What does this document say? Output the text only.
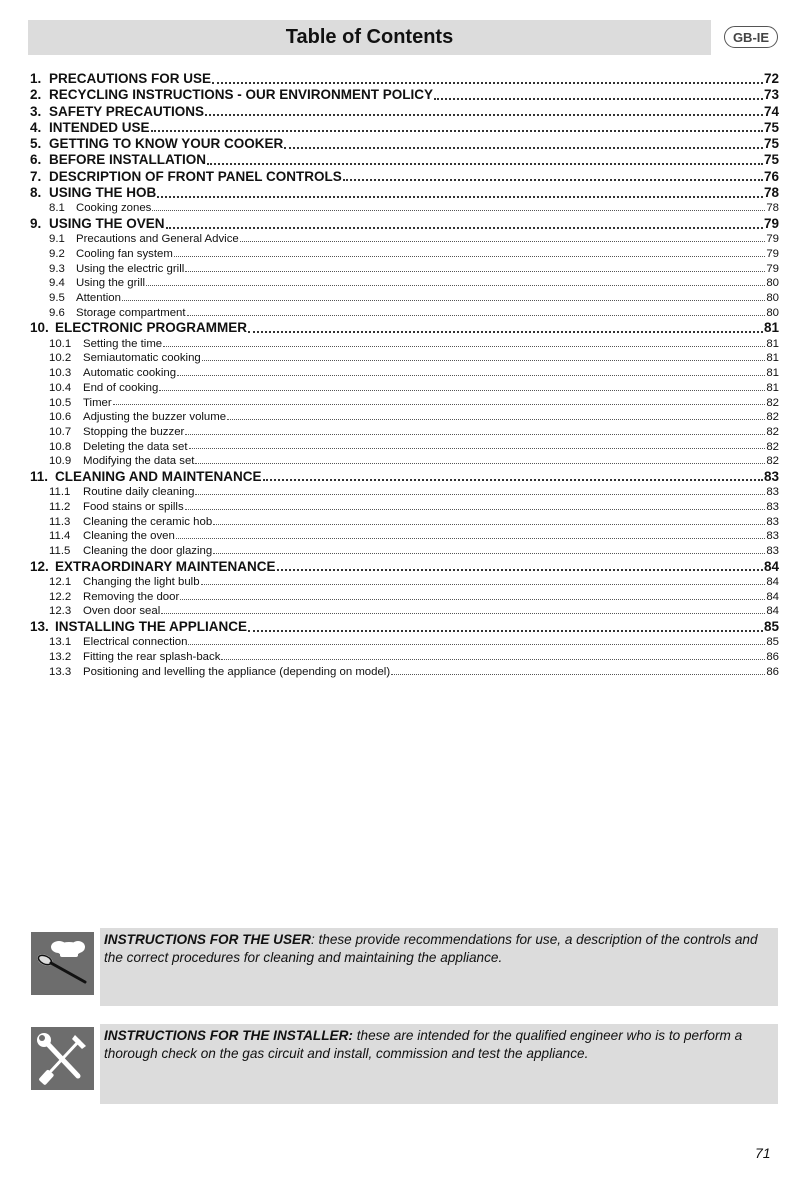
Table of Contents	GB-IE
1. PRECAUTIONS FOR USE	72
2. RECYCLING INSTRUCTIONS - OUR ENVIRONMENT POLICY	73
3. SAFETY PRECAUTIONS	74
4. INTENDED USE	75
5. GETTING TO KNOW YOUR COOKER	75
6. BEFORE INSTALLATION	75
7. DESCRIPTION OF FRONT PANEL CONTROLS	76
8. USING THE HOB	78
8.1 Cooking zones	78
9. USING THE OVEN	79
9.1 Precautions and General Advice	79
9.2 Cooling fan system	79
9.3 Using the electric grill	79
9.4 Using the grill	80
9.5 Attention	80
9.6 Storage compartment	80
10. ELECTRONIC PROGRAMMER	81
10.1	Setting the time	81
10.2	Semiautomatic cooking	81
10.3	Automatic cooking	81
10.4	End of cooking	81
10.5	Timer	82
10.6	Adjusting the buzzer volume	82
10.7	Stopping the buzzer	82
10.8	Deleting the data set	82
10.9	Modifying the data set	82
11. CLEANING AND MAINTENANCE	83
11.1	Routine daily cleaning	83
11.2	Food stains or spills	83
11.3	Cleaning the ceramic hob	83
11.4	Cleaning the oven	83
11.5	Cleaning the door glazing	83
12. EXTRAORDINARY MAINTENANCE	84
12.1	Changing the light bulb	84
12.2	Removing the door	84
12.3	Oven door seal	84
13. INSTALLING THE APPLIANCE	85
13.1	Electrical connection	85
13.2	Fitting the rear splash-back	86
13.3	Positioning and levelling the appliance (depending on model)	86

INSTRUCTIONS FOR THE USER: these provide recommendations for use, a description of the controls and the correct procedures for cleaning and maintaining the appliance.

INSTRUCTIONS FOR THE INSTALLER: these are intended for the qualified engineer who is to perform a thorough check on the gas circuit and install, commission and test the appliance.

71
